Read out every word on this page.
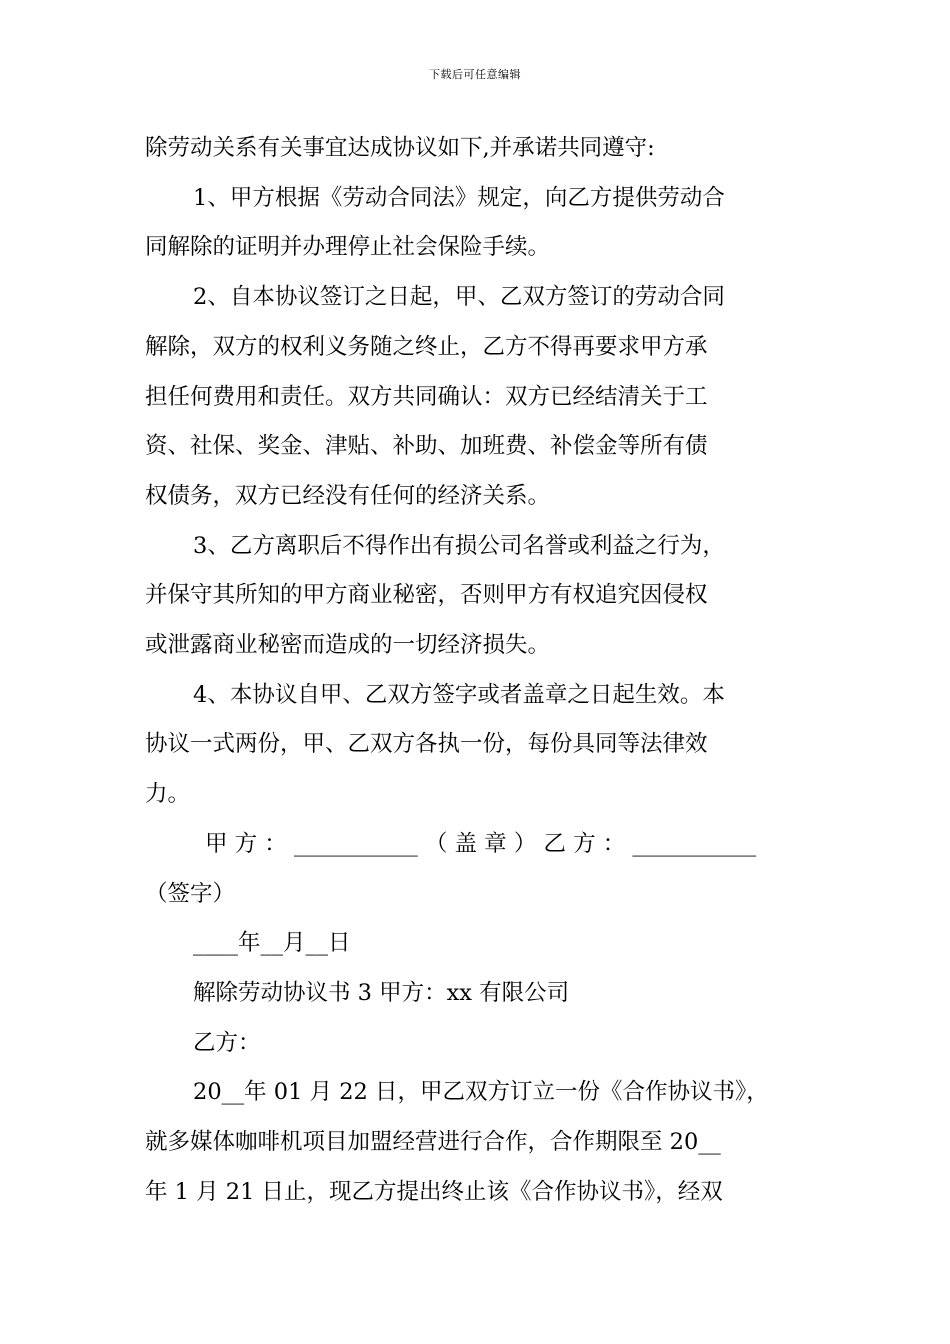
下载后可任意编辑

除劳动关系有关事宜达成协议如下,并承诺共同遵守:

1、甲方根据《劳动合同法》规定，向乙方提供劳动合

同解除的证明并办理停止社会保险手续。

2、自本协议签订之日起，甲、乙双方签订的劳动合同

解除，双方的权利义务随之终止，乙方不得再要求甲方承

担任何费用和责任。双方共同确认：双方已经结清关于工

资、社保、奖金、津贴、补助、加班费、补偿金等所有债

权债务，双方已经没有任何的经济关系。

3、乙方离职后不得作出有损公司名誉或利益之行为，

并保守其所知的甲方商业秘密，否则甲方有权追究因侵权

或泄露商业秘密而造成的一切经济损失。

4、本协议自甲、乙双方签字或者盖章之日起生效。本

协议一式两份，甲、乙双方各执一份，每份具同等法律效

力。

甲 方 ： ___________ （ 盖 章 ） 乙 方 ： ___________

（签字）

____年__月__日

解除劳动协议书 3 甲方：xx 有限公司

乙方：

20__年 01 月 22 日，甲乙双方订立一份《合作协议书》，

就多媒体咖啡机项目加盟经营进行合作，合作期限至 20__

年 1 月 21 日止，现乙方提出终止该《合作协议书》，经双
